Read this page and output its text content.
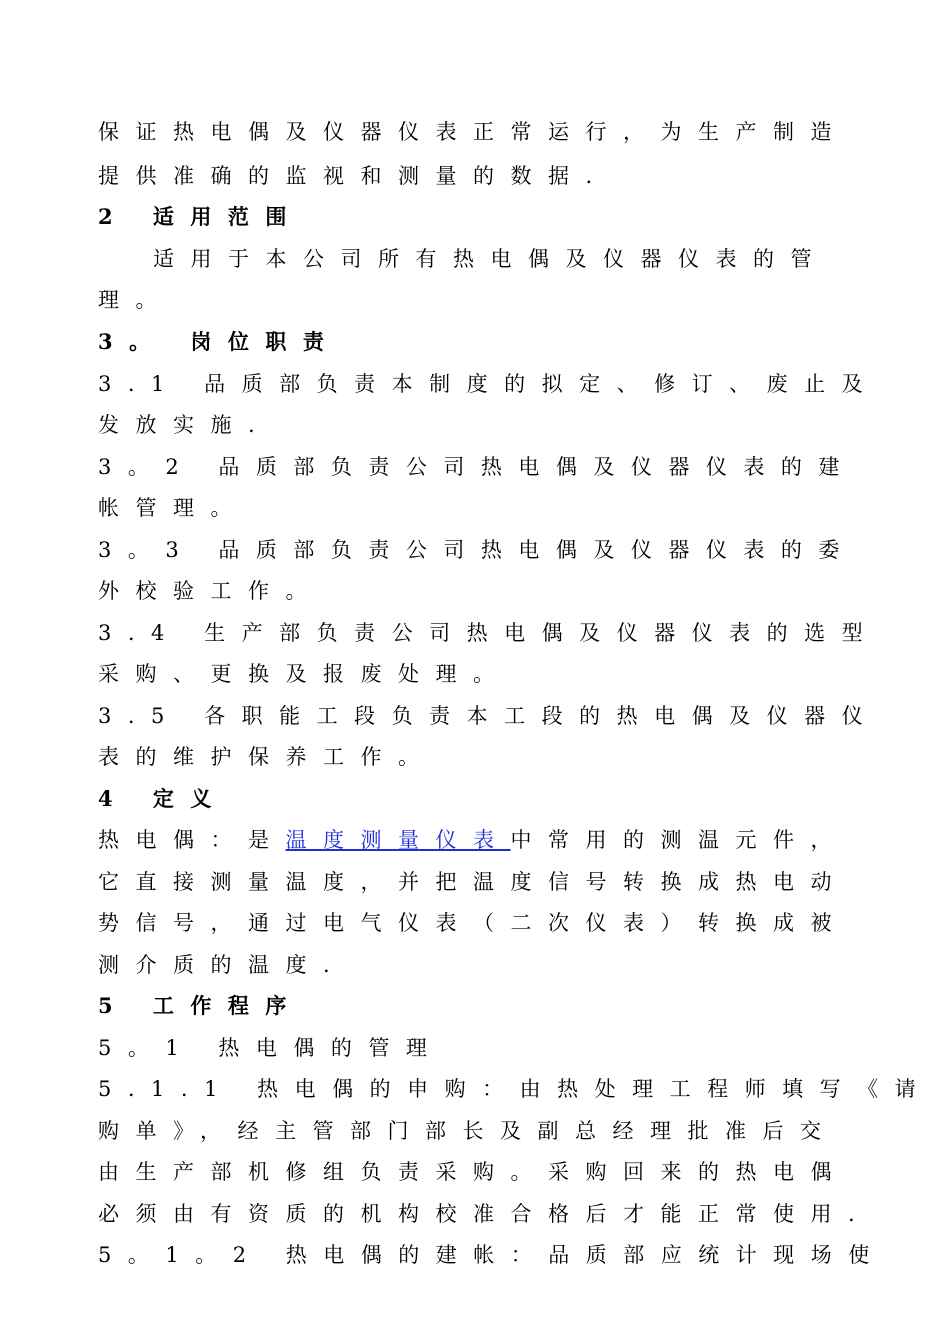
保证热电偶及仪器仪表正常运行，为生产制造
提供准确的监视和测量的数据.
2 适用范围
适用于本公司所有热电偶及仪器仪表的管
理。
3。 岗位职责
3.1 品质部负责本制度的拟定、修订、废止及
发放实施.
3。2 品质部负责公司热电偶及仪器仪表的建
帐管理。
3。3 品质部负责公司热电偶及仪器仪表的委
外校验工作。
3.4 生产部负责公司热电偶及仪器仪表的选型
采购、更换及报废处理。
3.5 各职能工段负责本工段的热电偶及仪器仪
表的维护保养工作。
4 定义
热电偶：是温度测量仪表中常用的测温元件，
它直接测量温度，并把温度信号转换成热电动
势信号，通过电气仪表（二次仪表）转换成被
测介质的温度.
5 工作程序
5。1 热电偶的管理
5.1.1 热电偶的申购：由热处理工程师填写《请
购单》，经主管部门部长及副总经理批准后交
由生产部机修组负责采购。采购回来的热电偶
必须由有资质的机构校准合格后才能正常使用.
5。1。2 热电偶的建帐：品质部应统计现场使
